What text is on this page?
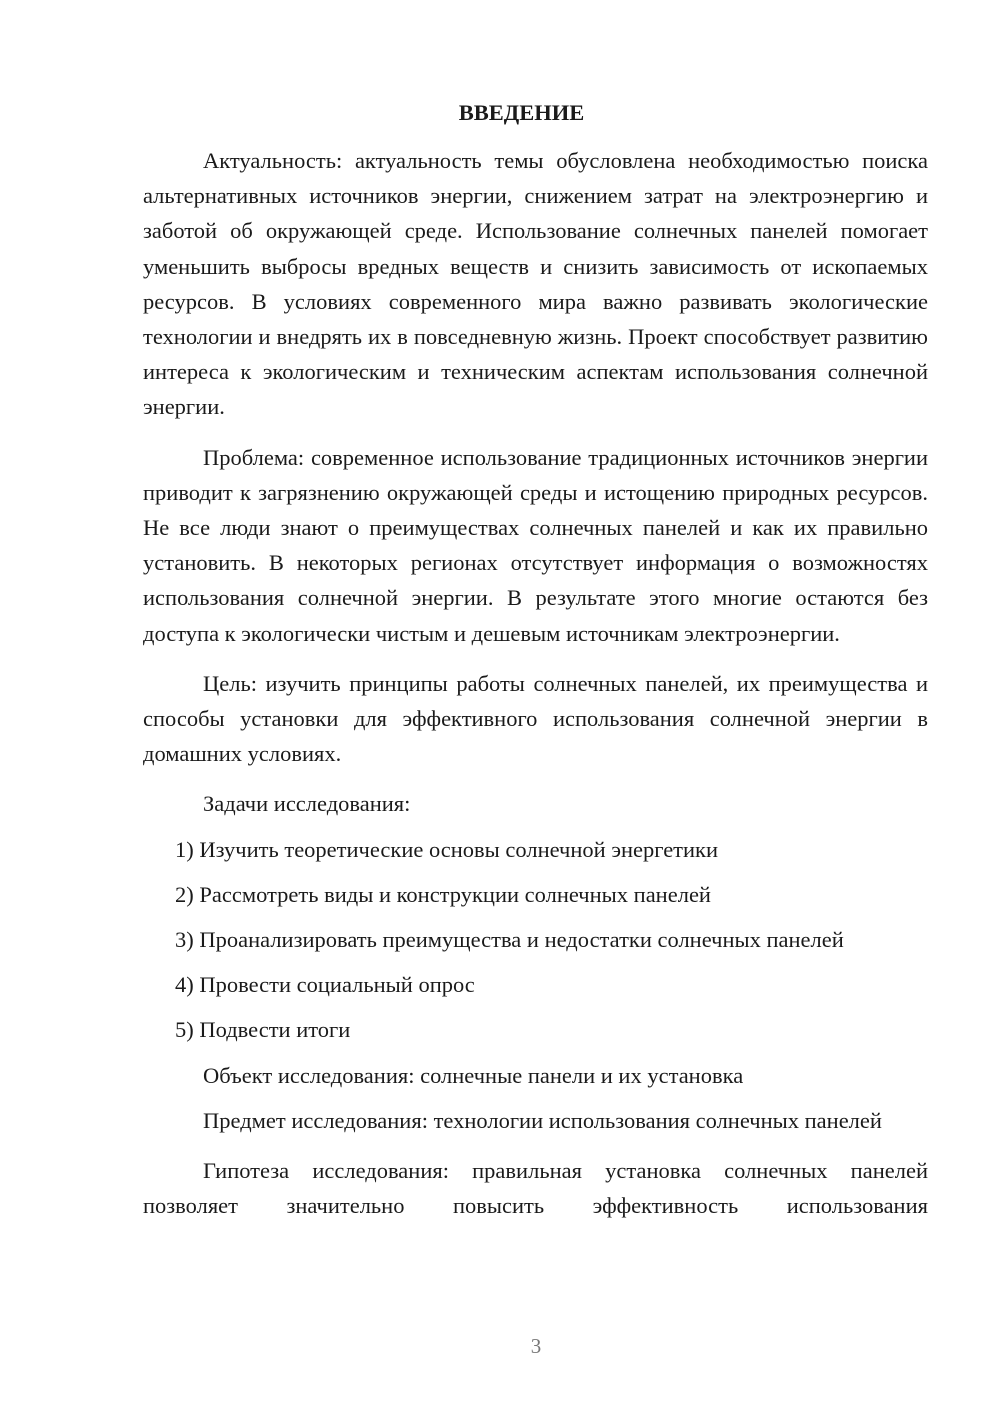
ВВЕДЕНИЕ

Актуальность: актуальность темы обусловлена необходимостью поиска альтернативных источников энергии, снижением затрат на электроэнергию и заботой об окружающей среде. Использование солнечных панелей помогает уменьшить выбросы вредных веществ и снизить зависимость от ископаемых ресурсов. В условиях современного мира важно развивать экологические технологии и внедрять их в повседневную жизнь. Проект способствует развитию интереса к экологическим и техническим аспектам использования солнечной энергии.

Проблема: современное использование традиционных источников энергии приводит к загрязнению окружающей среды и истощению природных ресурсов. Не все люди знают о преимуществах солнечных панелей и как их правильно установить. В некоторых регионах отсутствует информация о возможностях использования солнечной энергии. В результате этого многие остаются без доступа к экологически чистым и дешевым источникам электроэнергии.

Цель: изучить принципы работы солнечных панелей, их преимущества и способы установки для эффективного использования солнечной энергии в домашних условиях.

Задачи исследования:

1) Изучить теоретические основы солнечной энергетики

2) Рассмотреть виды и конструкции солнечных панелей

3) Проанализировать преимущества и недостатки солнечных панелей

4) Провести социальный опрос

5) Подвести итоги

Объект исследования: солнечные панели и их установка

Предмет исследования: технологии использования солнечных панелей

Гипотеза исследования: правильная установка солнечных панелей позволяет значительно повысить эффективность использования

3
